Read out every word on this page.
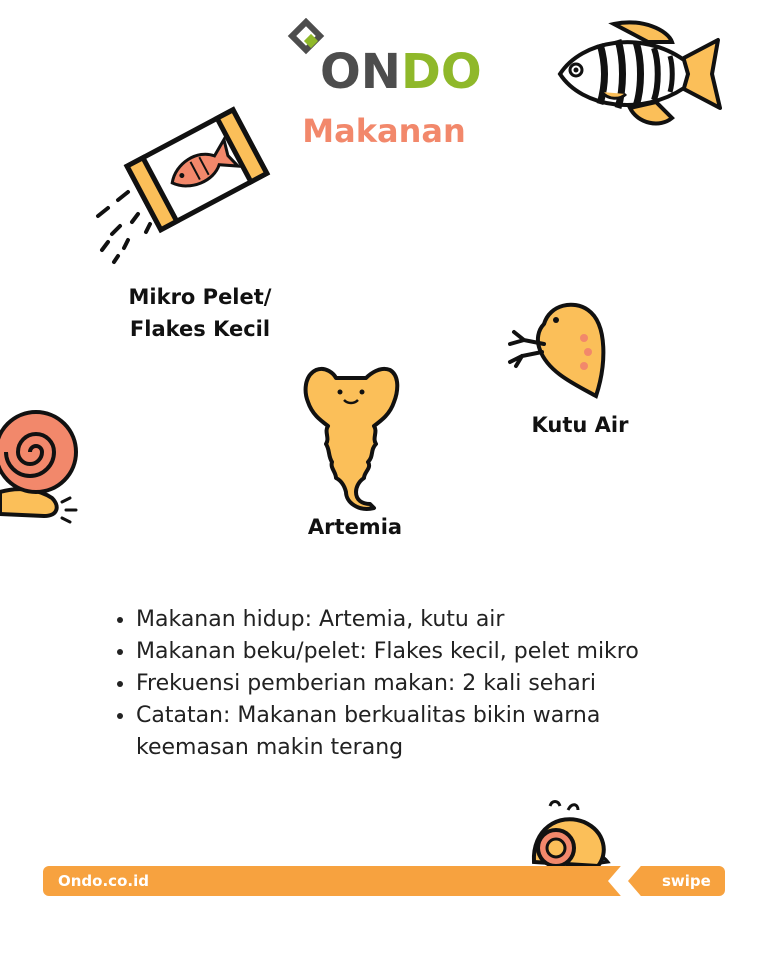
ONDO
Makanan
Mikro Pelet/
Flakes Kecil
Kutu Air
Artemia
• Makanan hidup: Artemia, kutu air
• Makanan beku/pelet: Flakes kecil, pelet mikro
• Frekuensi pemberian makan: 2 kali sehari
• Catatan: Makanan berkualitas bikin warna keemasan makin terang
Ondo.co.id	swipe
